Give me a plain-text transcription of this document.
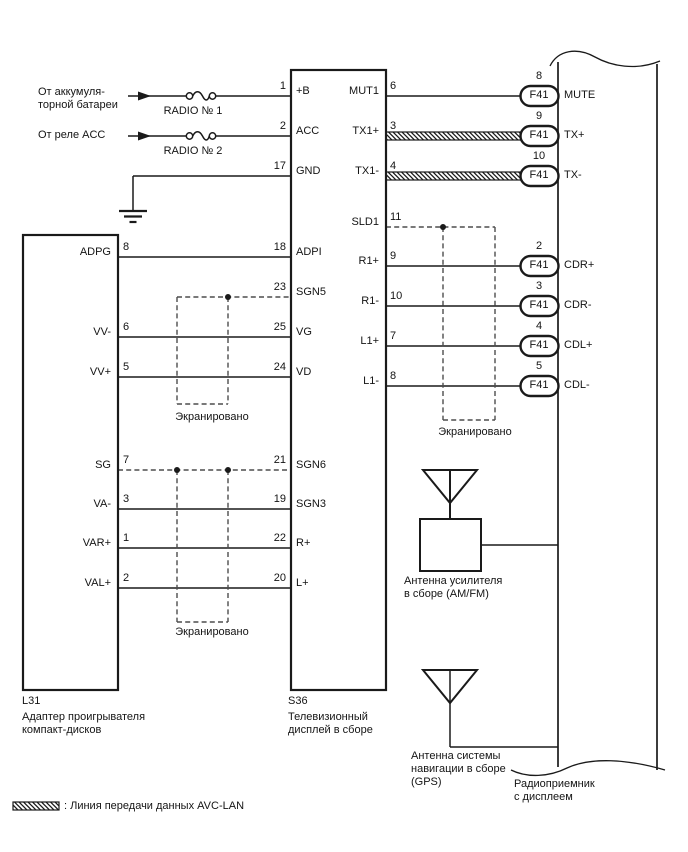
От аккумуля-
торной батареи
От реле ACC
RADIO № 1
RADIO № 2
ADPG
VV-
VV+
SG
VA-
VAR+
VAL+
8
6
5
7
3
1
2
+B
ACC
GND
ADPI
SGN5
VG
VD
SGN6
SGN3
R+
L+
1
2
17
18
23
25
24
21
19
22
20
MUT1
TX1+
TX1-
SLD1
R1+
R1-
L1+
L1-
6
3
4
11
9
10
7
8
F41
F41
F41
F41
F41
F41
F41
8
9
10
2
3
4
5
MUTE
TX+
TX-
CDR+
CDR-
CDL+
CDL-
Экранировано
Экранировано
Экранировано
L31
Адаптер проигрывателя
компакт-дисков
S36
Телевизионный
дисплей в сборе
Радиоприемник
с дисплеем
Антенна усилителя
в сборе (AM/FM)
Антенна системы
навигации в сборе
(GPS)
: Линия передачи данных AVC-LAN
